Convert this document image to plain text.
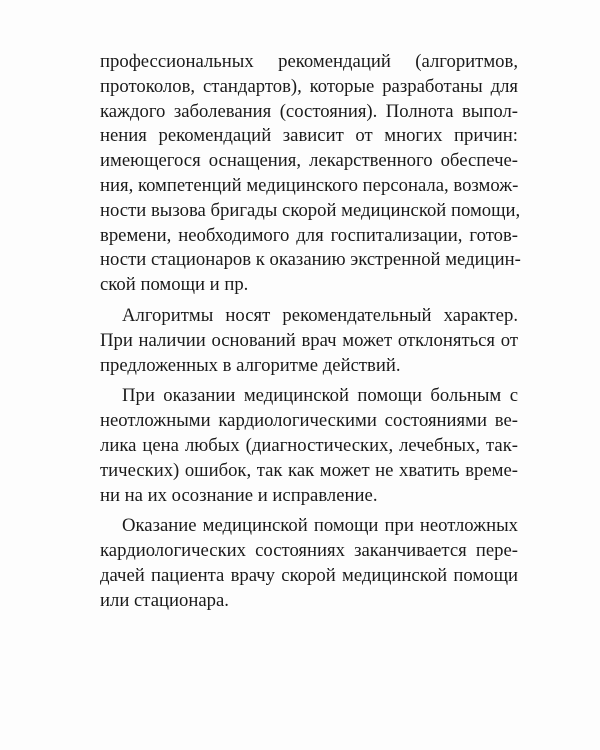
профессиональных рекомендаций (алгоритмов,
протоколов, стандартов), которые разработаны для
каждого заболевания (состояния). Полнота выпол-
нения рекомендаций зависит от многих причин:
имеющегося оснащения, лекарственного обеспече-
ния, компетенций медицинского персонала, возмож-
ности вызова бригады скорой медицинской помощи,
времени, необходимого для госпитализации, готов-
ности стационаров к оказанию экстренной медицин-
ской помощи и пр.
Алгоритмы носят рекомендательный характер.
При наличии оснований врач может отклоняться от
предложенных в алгоритме действий.
При оказании медицинской помощи больным с
неотложными кардиологическими состояниями ве-
лика цена любых (диагностических, лечебных, так-
тических) ошибок, так как может не хватить време-
ни на их осознание и исправление.
Оказание медицинской помощи при неотложных
кардиологических состояниях заканчивается пере-
дачей пациента врачу скорой медицинской помощи
или стационара.
